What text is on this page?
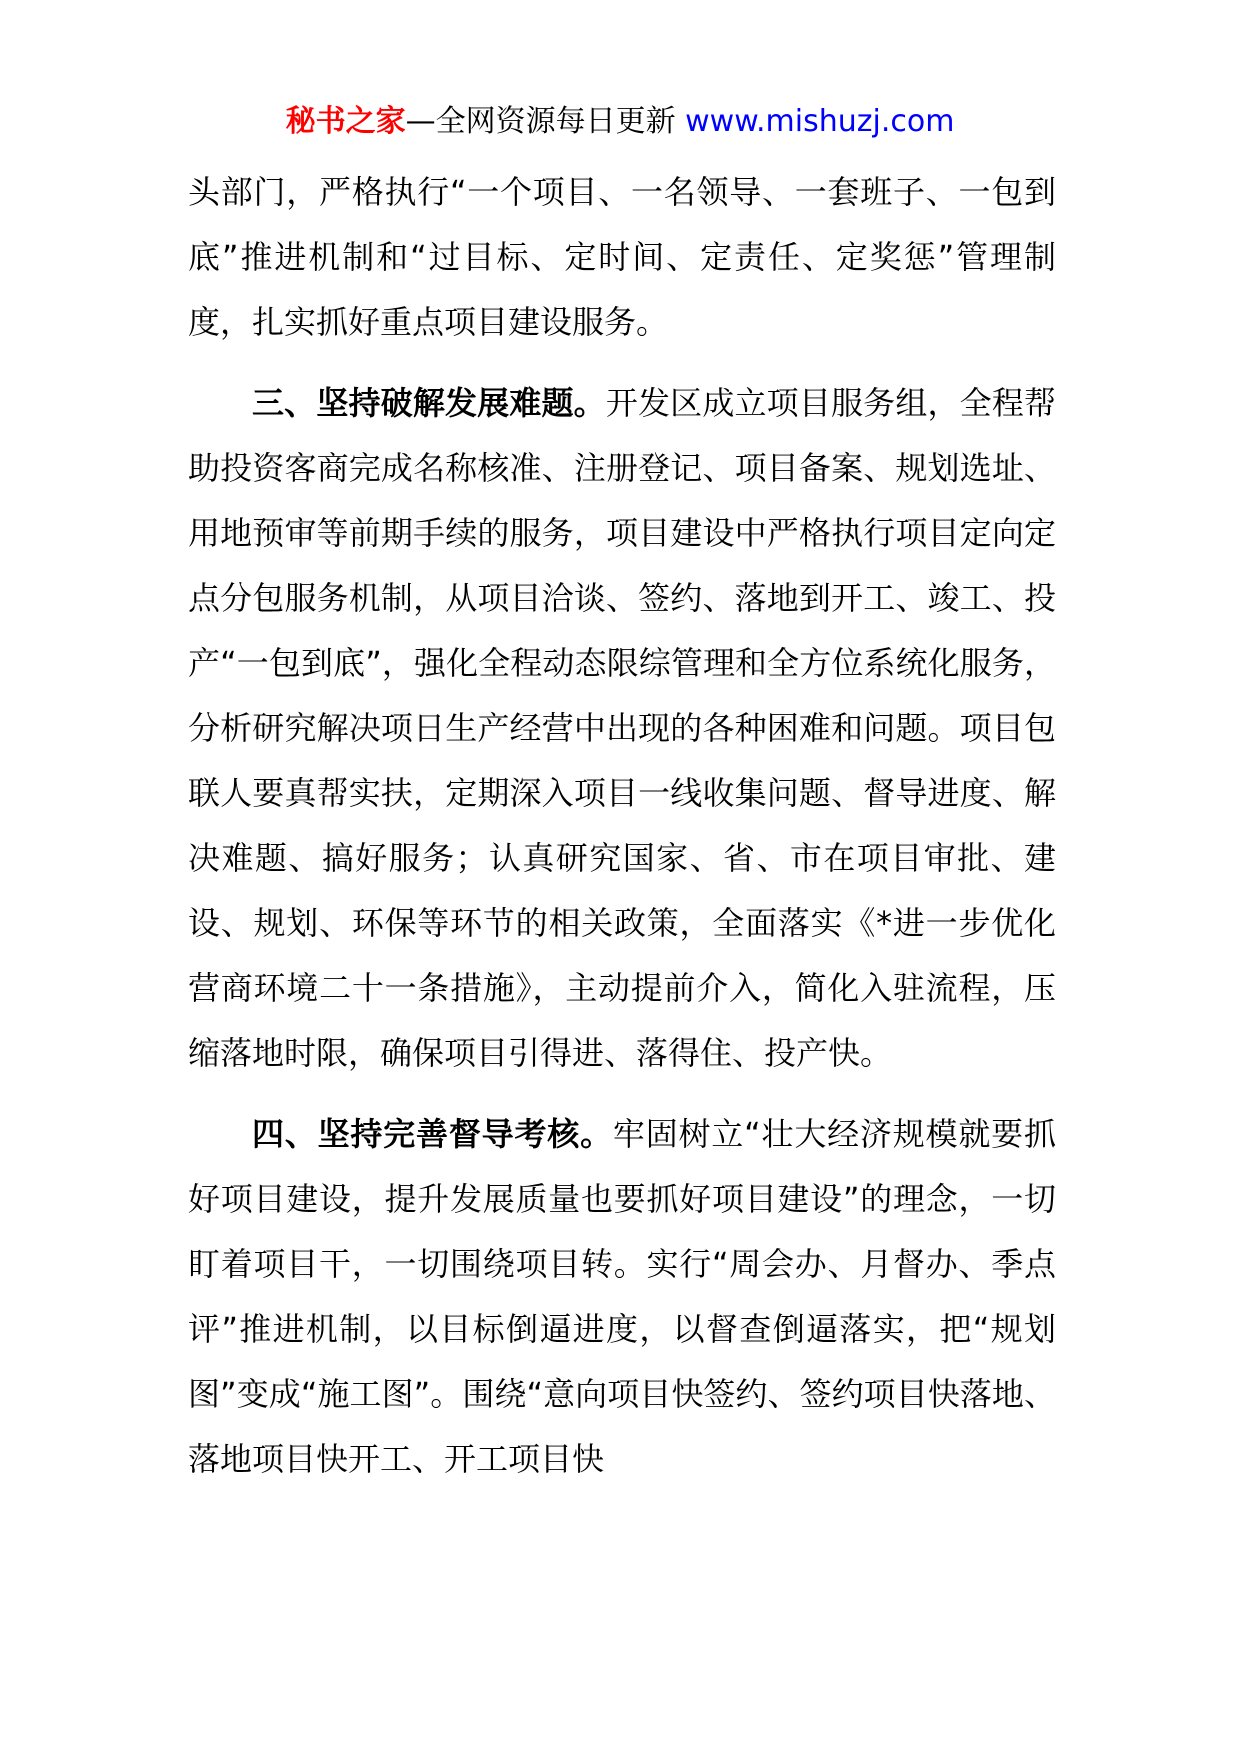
秘书之家—全网资源每日更新 www.mishuzj.com

头部门，严格执行“一个项目、一名领导、一套班子、一包到底”推进机制和“过目标、定时间、定责任、定奖惩”管理制度，扎实抓好重点项目建设服务。

三、坚持破解发展难题。开发区成立项目服务组，全程帮助投资客商完成名称核准、注册登记、项目备案、规划选址、用地预审等前期手续的服务，项目建设中严格执行项目定向定点分包服务机制，从项目洽谈、签约、落地到开工、竣工、投产“一包到底”，强化全程动态限综管理和全方位系统化服务，分析研究解决项日生产经营中出现的各种困难和问题。项目包联人要真帮实扶，定期深入项目一线收集问题、督导进度、解决难题、搞好服务；认真研究国家、省、市在项目审批、建设、规划、环保等环节的相关政策，全面落实《*进一步优化营商环境二十一条措施》，主动提前介入，简化入驻流程，压缩落地时限，确保项目引得进、落得住、投产快。

四、坚持完善督导考核。牢固树立“壮大经济规模就要抓好项目建设，提升发展质量也要抓好项目建设”的理念，一切盯着项目干，一切围绕项目转。实行“周会办、月督办、季点评”推进机制，以目标倒逼进度，以督查倒逼落实，把“规划图”变成“施工图”。围绕“意向项目快签约、签约项目快落地、落地项目快开工、开工项目快
